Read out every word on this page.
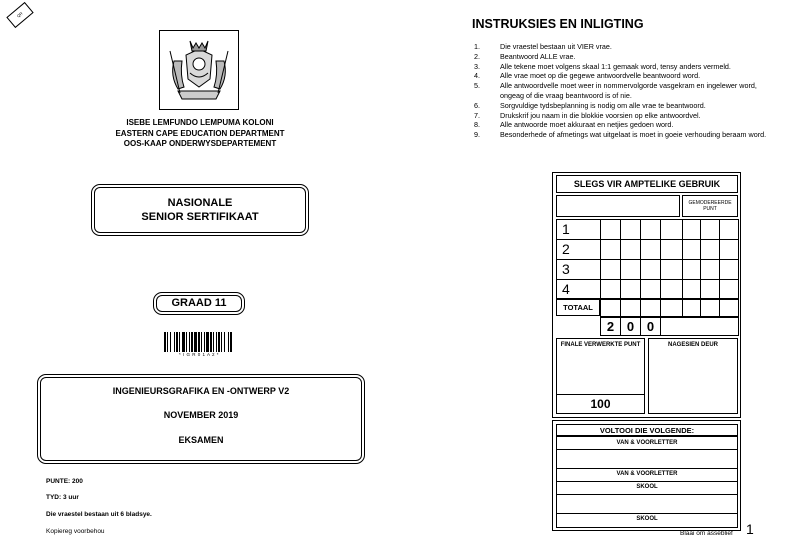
QR
ISEBE LEMFUNDO LEMPUMA KOLONI
EASTERN CAPE EDUCATION DEPARTMENT
OOS-KAAP ONDERWYSDEPARTEMENT
NASIONALE
SENIOR SERTIFIKAAT
GRAAD 11
* I G R 0 1 A 2 *
INGENIEURSGRAFIKA EN -ONTWERP V2
NOVEMBER 2019
EKSAMEN
PUNTE: 200
TYD: 3 uur
Die vraestel bestaan uit 6 bladsye.
Kopiereg voorbehou
INSTRUKSIES EN INLIGTING
1.	Die vraestel bestaan uit VIER vrae.
2.	Beantwoord ALLE vrae.
3.	Alle tekene moet volgens skaal 1:1 gemaak word, tensy anders vermeld.
4.	Alle vrae moet op die gegewe antwoordvelle beantwoord word.
5.	Alle antwoordvelle moet weer in nommervolgorde vasgekram en ingelewer word, ongeag of die vraag beantwoord is of nie.
6.	Sorgvuldige tydsbeplanning is nodig om alle vrae te beantwoord.
7.	Drukskrif jou naam in die blokkie voorsien op elke antwoordvel.
8.	Alle antwoorde moet akkuraat en netjies gedoen word.
9.	Besonderhede of afmetings wat uitgelaat is moet in goeie verhouding beraam word.
SLEGS VIR AMPTELIKE GEBRUIK
GEMODEREERDE PUNT
1
2
3
4
TOTAAL
2 0 0
FINALE VERWERKTE PUNT
100
NAGESIEN DEUR
VOLTOOI DIE VOLGENDE:
VAN & VOORLETTER
VAN & VOORLETTER
SKOOL
SKOOL
Blaai om asseblief 1
